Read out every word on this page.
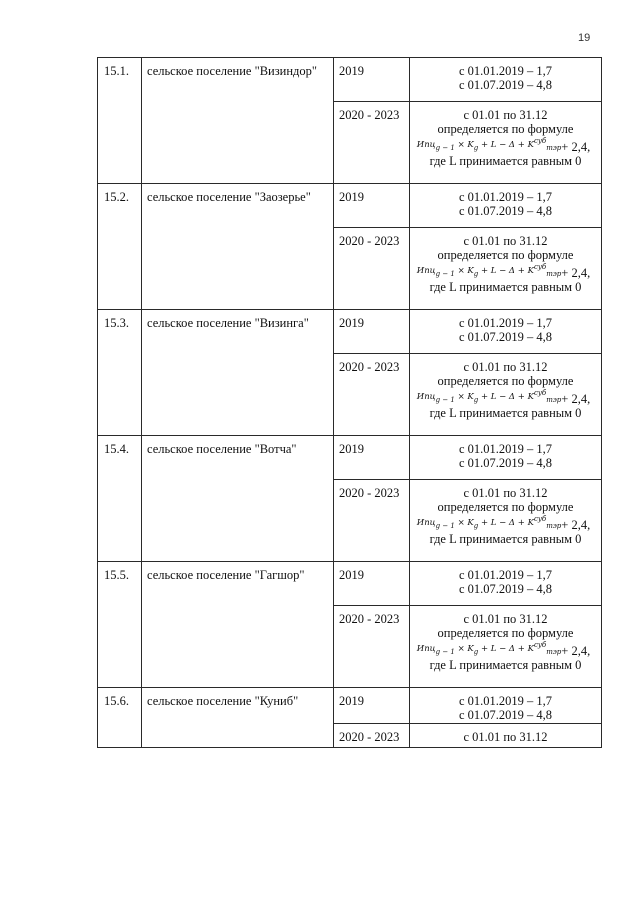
19
15.1.	сельское поселение "Визиндор"	2019	с 01.01.2019 – 1,7
с 01.07.2019 – 4,8

		2020 - 2023	с 01.01 по 31.12
определяется по формуле
$Ипц_{g - 1} \times K_g + L - \Delta + K^{суб}_{тэр}+ 2,4$,
где L принимается равным 0

15.2.	сельское поселение "Заозерье"	2019	с 01.01.2019 – 1,7
с 01.07.2019 – 4,8

		2020 - 2023	с 01.01 по 31.12
определяется по формуле
$Ипц_{g - 1} \times K_g + L - \Delta + K^{суб}_{тэр}+ 2,4$,
где L принимается равным 0

15.3.	сельское поселение "Визинга"	2019	с 01.01.2019 – 1,7
с 01.07.2019 – 4,8

		2020 - 2023	с 01.01 по 31.12
определяется по формуле
$Ипц_{g - 1} \times K_g + L - \Delta + K^{суб}_{тэр}+ 2,4$,
где L принимается равным 0

15.4.	сельское поселение "Вотча"	2019	с 01.01.2019 – 1,7
с 01.07.2019 – 4,8

		2020 - 2023	с 01.01 по 31.12
определяется по формуле
$Ипц_{g - 1} \times K_g + L - \Delta + K^{суб}_{тэр}+ 2,4$,
где L принимается равным 0

15.5.	сельское поселение "Гагшор"	2019	с 01.01.2019 – 1,7
с 01.07.2019 – 4,8

		2020 - 2023	с 01.01 по 31.12
определяется по формуле
$Ипц_{g - 1} \times K_g + L - \Delta + K^{суб}_{тэр}+ 2,4$,
где L принимается равным 0

15.6.	сельское поселение "Куниб"	2019	с 01.01.2019 – 1,7
с 01.07.2019 – 4,8

		2020 - 2023	с 01.01 по 31.12
